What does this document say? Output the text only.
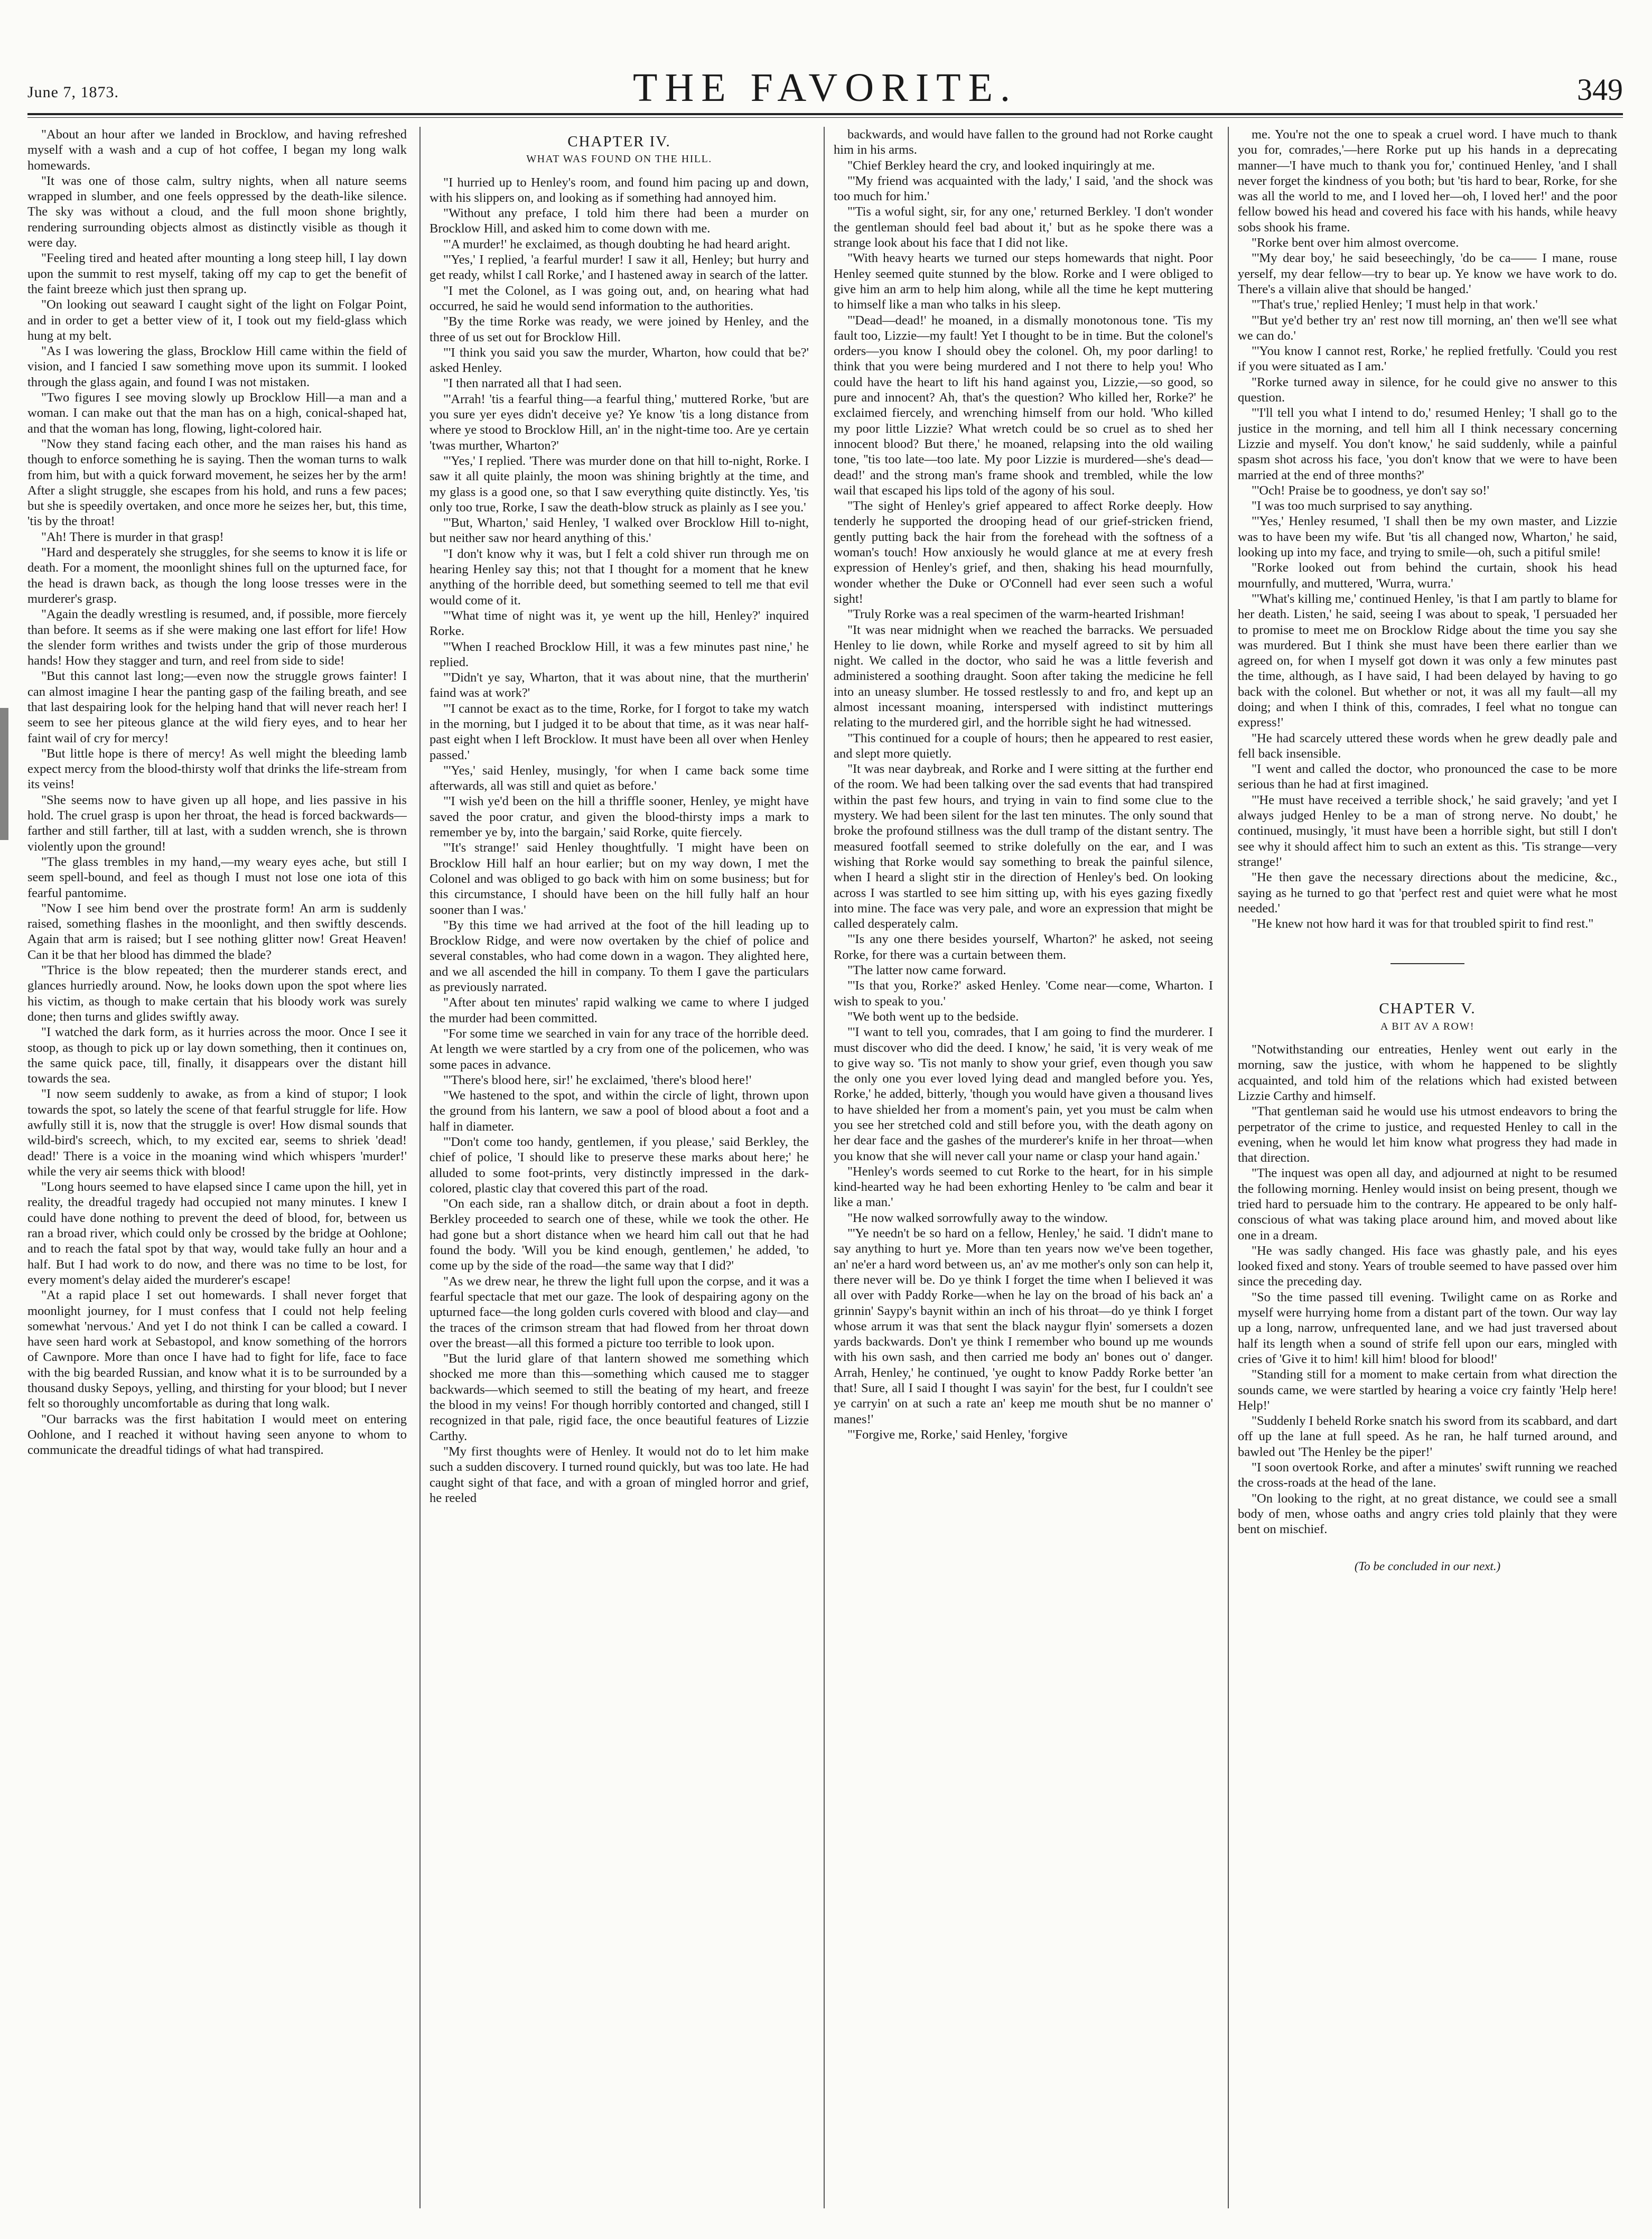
June 7, 1873.	THE FAVORITE.	349

"About an hour after we landed in Brocklow, and having refreshed myself with a wash and a cup of hot coffee, I began my long walk homewards.

"It was one of those calm, sultry nights, when all nature seems wrapped in slumber, and one feels oppressed by the death-like silence. The sky was without a cloud, and the full moon shone brightly, rendering surrounding objects almost as distinctly visible as though it were day.

"Feeling tired and heated after mounting a long steep hill, I lay down upon the summit to rest myself, taking off my cap to get the benefit of the faint breeze which just then sprang up.

"On looking out seaward I caught sight of the light on Folgar Point, and in order to get a better view of it, I took out my field-glass which hung at my belt.

"As I was lowering the glass, Brocklow Hill came within the field of vision, and I fancied I saw something move upon its summit. I looked through the glass again, and found I was not mistaken.

"Two figures I see moving slowly up Brocklow Hill—a man and a woman. I can make out that the man has on a high, conical-shaped hat, and that the woman has long, flowing, light-colored hair.

"Now they stand facing each other, and the man raises his hand as though to enforce something he is saying. Then the woman turns to walk from him, but with a quick forward movement, he seizes her by the arm! After a slight struggle, she escapes from his hold, and runs a few paces; but she is speedily overtaken, and once more he seizes her, but, this time, 'tis by the throat!

"Ah! There is murder in that grasp!

"Hard and desperately she struggles, for she seems to know it is life or death. For a moment, the moonlight shines full on the upturned face, for the head is drawn back, as though the long loose tresses were in the murderer's grasp.

"Again the deadly wrestling is resumed, and, if possible, more fiercely than before. It seems as if she were making one last effort for life! How the slender form writhes and twists under the grip of those murderous hands! How they stagger and turn, and reel from side to side!

"But this cannot last long;—even now the struggle grows fainter! I can almost imagine I hear the panting gasp of the failing breath, and see that last despairing look for the helping hand that will never reach her! I seem to see her piteous glance at the wild fiery eyes, and to hear her faint wail of cry for mercy!

"But little hope is there of mercy! As well might the bleeding lamb expect mercy from the blood-thirsty wolf that drinks the life-stream from its veins!

"She seems now to have given up all hope, and lies passive in his hold. The cruel grasp is upon her throat, the head is forced backwards—farther and still farther, till at last, with a sudden wrench, she is thrown violently upon the ground!

"The glass trembles in my hand,—my weary eyes ache, but still I seem spell-bound, and feel as though I must not lose one iota of this fearful pantomime.

"Now I see him bend over the prostrate form! An arm is suddenly raised, something flashes in the moonlight, and then swiftly descends. Again that arm is raised; but I see nothing glitter now! Great Heaven! Can it be that her blood has dimmed the blade?

"Thrice is the blow repeated; then the murderer stands erect, and glances hurriedly around. Now, he looks down upon the spot where lies his victim, as though to make certain that his bloody work was surely done; then turns and glides swiftly away.

"I watched the dark form, as it hurries across the moor. Once I see it stoop, as though to pick up or lay down something, then it continues on, the same quick pace, till, finally, it disappears over the distant hill towards the sea.

"I now seem suddenly to awake, as from a kind of stupor; I look towards the spot, so lately the scene of that fearful struggle for life. How awfully still it is, now that the struggle is over! How dismal sounds that wild-bird's screech, which, to my excited ear, seems to shriek 'dead! dead!' There is a voice in the moaning wind which whispers 'murder!' while the very air seems thick with blood!

"Long hours seemed to have elapsed since I came upon the hill, yet in reality, the dreadful tragedy had occupied not many minutes. I knew I could have done nothing to prevent the deed of blood, for, between us ran a broad river, which could only be crossed by the bridge at Oohlone; and to reach the fatal spot by that way, would take fully an hour and a half. But I had work to do now, and there was no time to be lost, for every moment's delay aided the murderer's escape!

"At a rapid place I set out homewards. I shall never forget that moonlight journey, for I must confess that I could not help feeling somewhat 'nervous.' And yet I do not think I can be called a coward. I have seen hard work at Sebastopol, and know something of the horrors of Cawnpore. More than once I have had to fight for life, face to face with the big bearded Russian, and know what it is to be surrounded by a thousand dusky Sepoys, yelling, and thirsting for your blood; but I never felt so thoroughly uncomfortable as during that long walk.

"Our barracks was the first habitation I would meet on entering Oohlone, and I reached it without having seen anyone to whom to communicate the dreadful tidings of what had transpired.

CHAPTER IV.
WHAT WAS FOUND ON THE HILL.

"I hurried up to Henley's room, and found him pacing up and down, with his slippers on, and looking as if something had annoyed him.

"Without any preface, I told him there had been a murder on Brocklow Hill, and asked him to come down with me.

"'A murder!' he exclaimed, as though doubting he had heard aright.

"'Yes,' I replied, 'a fearful murder! I saw it all, Henley; but hurry and get ready, whilst I call Rorke,' and I hastened away in search of the latter.

"I met the Colonel, as I was going out, and, on hearing what had occurred, he said he would send information to the authorities.

"By the time Rorke was ready, we were joined by Henley, and the three of us set out for Brocklow Hill.

"'I think you said you saw the murder, Wharton, how could that be?' asked Henley.

"I then narrated all that I had seen.

"'Arrah! 'tis a fearful thing—a fearful thing,' muttered Rorke, 'but are you sure yer eyes didn't deceive ye? Ye know 'tis a long distance from where ye stood to Brocklow Hill, an' in the night-time too. Are ye certain 'twas murther, Wharton?'

"'Yes,' I replied. 'There was murder done on that hill to-night, Rorke. I saw it all quite plainly, the moon was shining brightly at the time, and my glass is a good one, so that I saw everything quite distinctly. Yes, 'tis only too true, Rorke, I saw the death-blow struck as plainly as I see you.'

"'But, Wharton,' said Henley, 'I walked over Brocklow Hill to-night, but neither saw nor heard anything of this.'

"I don't know why it was, but I felt a cold shiver run through me on hearing Henley say this; not that I thought for a moment that he knew anything of the horrible deed, but something seemed to tell me that evil would come of it.

"'What time of night was it, ye went up the hill, Henley?' inquired Rorke.

"'When I reached Brocklow Hill, it was a few minutes past nine,' he replied.

"'Didn't ye say, Wharton, that it was about nine, that the murtherin' faind was at work?'

"'I cannot be exact as to the time, Rorke, for I forgot to take my watch in the morning, but I judged it to be about that time, as it was near half-past eight when I left Brocklow. It must have been all over when Henley passed.'

"'Yes,' said Henley, musingly, 'for when I came back some time afterwards, all was still and quiet as before.'

"'I wish ye'd been on the hill a thriffle sooner, Henley, ye might have saved the poor cratur, and given the blood-thirsty imps a mark to remember ye by, into the bargain,' said Rorke, quite fiercely.

"'It's strange!' said Henley thoughtfully. 'I might have been on Brocklow Hill half an hour earlier; but on my way down, I met the Colonel and was obliged to go back with him on some business; but for this circumstance, I should have been on the hill fully half an hour sooner than I was.'

"By this time we had arrived at the foot of the hill leading up to Brocklow Ridge, and were now overtaken by the chief of police and several constables, who had come down in a wagon. They alighted here, and we all ascended the hill in company. To them I gave the particulars as previously narrated.

"After about ten minutes' rapid walking we came to where I judged the murder had been committed.

"For some time we searched in vain for any trace of the horrible deed. At length we were startled by a cry from one of the policemen, who was some paces in advance.

"'There's blood here, sir!' he exclaimed, 'there's blood here!'

"We hastened to the spot, and within the circle of light, thrown upon the ground from his lantern, we saw a pool of blood about a foot and a half in diameter.

"'Don't come too handy, gentlemen, if you please,' said Berkley, the chief of police, 'I should like to preserve these marks about here;' he alluded to some foot-prints, very distinctly impressed in the dark-colored, plastic clay that covered this part of the road.

"On each side, ran a shallow ditch, or drain about a foot in depth. Berkley proceeded to search one of these, while we took the other. He had gone but a short distance when we heard him call out that he had found the body. 'Will you be kind enough, gentlemen,' he added, 'to come up by the side of the road—the same way that I did?'

"As we drew near, he threw the light full upon the corpse, and it was a fearful spectacle that met our gaze. The look of despairing agony on the upturned face—the long golden curls covered with blood and clay—and the traces of the crimson stream that had flowed from her throat down over the breast—all this formed a picture too terrible to look upon.

"But the lurid glare of that lantern showed me something which shocked me more than this—something which caused me to stagger backwards—which seemed to still the beating of my heart, and freeze the blood in my veins! For though horribly contorted and changed, still I recognized in that pale, rigid face, the once beautiful features of Lizzie Carthy.

"My first thoughts were of Henley. It would not do to let him make such a sudden discovery. I turned round quickly, but was too late. He had caught sight of that face, and with a groan of mingled horror and grief, he reeled

backwards, and would have fallen to the ground had not Rorke caught him in his arms.

"Chief Berkley heard the cry, and looked inquiringly at me.

"'My friend was acquainted with the lady,' I said, 'and the shock was too much for him.'

"'Tis a woful sight, sir, for any one,' returned Berkley. 'I don't wonder the gentleman should feel bad about it,' but as he spoke there was a strange look about his face that I did not like.

"With heavy hearts we turned our steps homewards that night. Poor Henley seemed quite stunned by the blow. Rorke and I were obliged to give him an arm to help him along, while all the time he kept muttering to himself like a man who talks in his sleep.

"'Dead—dead!' he moaned, in a dismally monotonous tone. 'Tis my fault too, Lizzie—my fault! Yet I thought to be in time. But the colonel's orders—you know I should obey the colonel. Oh, my poor darling! to think that you were being murdered and I not there to help you! Who could have the heart to lift his hand against you, Lizzie,—so good, so pure and innocent? Ah, that's the question? Who killed her, Rorke?' he exclaimed fiercely, and wrenching himself from our hold. 'Who killed my poor little Lizzie? What wretch could be so cruel as to shed her innocent blood? But there,' he moaned, relapsing into the old wailing tone, ''tis too late—too late. My poor Lizzie is murdered—she's dead—dead!' and the strong man's frame shook and trembled, while the low wail that escaped his lips told of the agony of his soul.

"The sight of Henley's grief appeared to affect Rorke deeply. How tenderly he supported the drooping head of our grief-stricken friend, gently putting back the hair from the forehead with the softness of a woman's touch! How anxiously he would glance at me at every fresh expression of Henley's grief, and then, shaking his head mournfully, wonder whether the Duke or O'Connell had ever seen such a woful sight!

"Truly Rorke was a real specimen of the warm-hearted Irishman!

"It was near midnight when we reached the barracks. We persuaded Henley to lie down, while Rorke and myself agreed to sit by him all night. We called in the doctor, who said he was a little feverish and administered a soothing draught. Soon after taking the medicine he fell into an uneasy slumber. He tossed restlessly to and fro, and kept up an almost incessant moaning, interspersed with indistinct mutterings relating to the murdered girl, and the horrible sight he had witnessed.

"This continued for a couple of hours; then he appeared to rest easier, and slept more quietly.

"It was near daybreak, and Rorke and I were sitting at the further end of the room. We had been talking over the sad events that had transpired within the past few hours, and trying in vain to find some clue to the mystery. We had been silent for the last ten minutes. The only sound that broke the profound stillness was the dull tramp of the distant sentry. The measured footfall seemed to strike dolefully on the ear, and I was wishing that Rorke would say something to break the painful silence, when I heard a slight stir in the direction of Henley's bed. On looking across I was startled to see him sitting up, with his eyes gazing fixedly into mine. The face was very pale, and wore an expression that might be called desperately calm.

"'Is any one there besides yourself, Wharton?' he asked, not seeing Rorke, for there was a curtain between them.

"The latter now came forward.

"'Is that you, Rorke?' asked Henley. 'Come near—come, Wharton. I wish to speak to you.'

"We both went up to the bedside.

"'I want to tell you, comrades, that I am going to find the murderer. I must discover who did the deed. I know,' he said, 'it is very weak of me to give way so. 'Tis not manly to show your grief, even though you saw the only one you ever loved lying dead and mangled before you. Yes, Rorke,' he added, bitterly, 'though you would have given a thousand lives to have shielded her from a moment's pain, yet you must be calm when you see her stretched cold and still before you, with the death agony on her dear face and the gashes of the murderer's knife in her throat—when you know that she will never call your name or clasp your hand again.'

"Henley's words seemed to cut Rorke to the heart, for in his simple kind-hearted way he had been exhorting Henley to 'be calm and bear it like a man.'

"He now walked sorrowfully away to the window.

"'Ye needn't be so hard on a fellow, Henley,' he said. 'I didn't mane to say anything to hurt ye. More than ten years now we've been together, an' ne'er a hard word between us, an' av me mother's only son can help it, there never will be. Do ye think I forget the time when I believed it was all over with Paddy Rorke—when he lay on the broad of his back an' a grinnin' Saypy's baynit within an inch of his throat—do ye think I forget whose arrum it was that sent the black naygur flyin' somersets a dozen yards backwards. Don't ye think I remember who bound up me wounds with his own sash, and then carried me body an' bones out o' danger. Arrah, Henley,' he continued, 'ye ought to know Paddy Rorke better 'an that! Sure, all I said I thought I was sayin' for the best, fur I couldn't see ye carryin' on at such a rate an' keep me mouth shut be no manner o' manes!'

"'Forgive me, Rorke,' said Henley, 'forgive

me. You're not the one to speak a cruel word. I have much to thank you for, comrades,'—here Rorke put up his hands in a deprecating manner—'I have much to thank you for,' continued Henley, 'and I shall never forget the kindness of you both; but 'tis hard to bear, Rorke, for she was all the world to me, and I loved her—oh, I loved her!' and the poor fellow bowed his head and covered his face with his hands, while heavy sobs shook his frame.

"Rorke bent over him almost overcome.

"'My dear boy,' he said beseechingly, 'do be ca—— I mane, rouse yerself, my dear fellow—try to bear up. Ye know we have work to do. There's a villain alive that should be hanged.'

"'That's true,' replied Henley; 'I must help in that work.'

"'But ye'd bether try an' rest now till morning, an' then we'll see what we can do.'

"'You know I cannot rest, Rorke,' he replied fretfully. 'Could you rest if you were situated as I am.'

"Rorke turned away in silence, for he could give no answer to this question.

"'I'll tell you what I intend to do,' resumed Henley; 'I shall go to the justice in the morning, and tell him all I think necessary concerning Lizzie and myself. You don't know,' he said suddenly, while a painful spasm shot across his face, 'you don't know that we were to have been married at the end of three months?'

"'Och! Praise be to goodness, ye don't say so!'

"I was too much surprised to say anything.

"'Yes,' Henley resumed, 'I shall then be my own master, and Lizzie was to have been my wife. But 'tis all changed now, Wharton,' he said, looking up into my face, and trying to smile—oh, such a pitiful smile!

"Rorke looked out from behind the curtain, shook his head mournfully, and muttered, 'Wurra, wurra.'

"'What's killing me,' continued Henley, 'is that I am partly to blame for her death. Listen,' he said, seeing I was about to speak, 'I persuaded her to promise to meet me on Brocklow Ridge about the time you say she was murdered. But I think she must have been there earlier than we agreed on, for when I myself got down it was only a few minutes past the time, although, as I have said, I had been delayed by having to go back with the colonel. But whether or not, it was all my fault—all my doing; and when I think of this, comrades, I feel what no tongue can express!'

"He had scarcely uttered these words when he grew deadly pale and fell back insensible.

"I went and called the doctor, who pronounced the case to be more serious than he had at first imagined.

"'He must have received a terrible shock,' he said gravely; 'and yet I always judged Henley to be a man of strong nerve. No doubt,' he continued, musingly, 'it must have been a horrible sight, but still I don't see why it should affect him to such an extent as this. 'Tis strange—very strange!'

"He then gave the necessary directions about the medicine, &c., saying as he turned to go that 'perfect rest and quiet were what he most needed.'

"He knew not how hard it was for that troubled spirit to find rest."

CHAPTER V.
A BIT AV A ROW!

"Notwithstanding our entreaties, Henley went out early in the morning, saw the justice, with whom he happened to be slightly acquainted, and told him of the relations which had existed between Lizzie Carthy and himself.

"That gentleman said he would use his utmost endeavors to bring the perpetrator of the crime to justice, and requested Henley to call in the evening, when he would let him know what progress they had made in that direction.

"The inquest was open all day, and adjourned at night to be resumed the following morning. Henley would insist on being present, though we tried hard to persuade him to the contrary. He appeared to be only half-conscious of what was taking place around him, and moved about like one in a dream.

"He was sadly changed. His face was ghastly pale, and his eyes looked fixed and stony. Years of trouble seemed to have passed over him since the preceding day.

"So the time passed till evening. Twilight came on as Rorke and myself were hurrying home from a distant part of the town. Our way lay up a long, narrow, unfrequented lane, and we had just traversed about half its length when a sound of strife fell upon our ears, mingled with cries of 'Give it to him! kill him! blood for blood!'

"Standing still for a moment to make certain from what direction the sounds came, we were startled by hearing a voice cry faintly 'Help here! Help!'

"Suddenly I beheld Rorke snatch his sword from its scabbard, and dart off up the lane at full speed. As he ran, he half turned around, and bawled out 'The Henley be the piper!'

"I soon overtook Rorke, and after a minutes' swift running we reached the cross-roads at the head of the lane.

"On looking to the right, at no great distance, we could see a small body of men, whose oaths and angry cries told plainly that they were bent on mischief.

(To be concluded in our next.)
